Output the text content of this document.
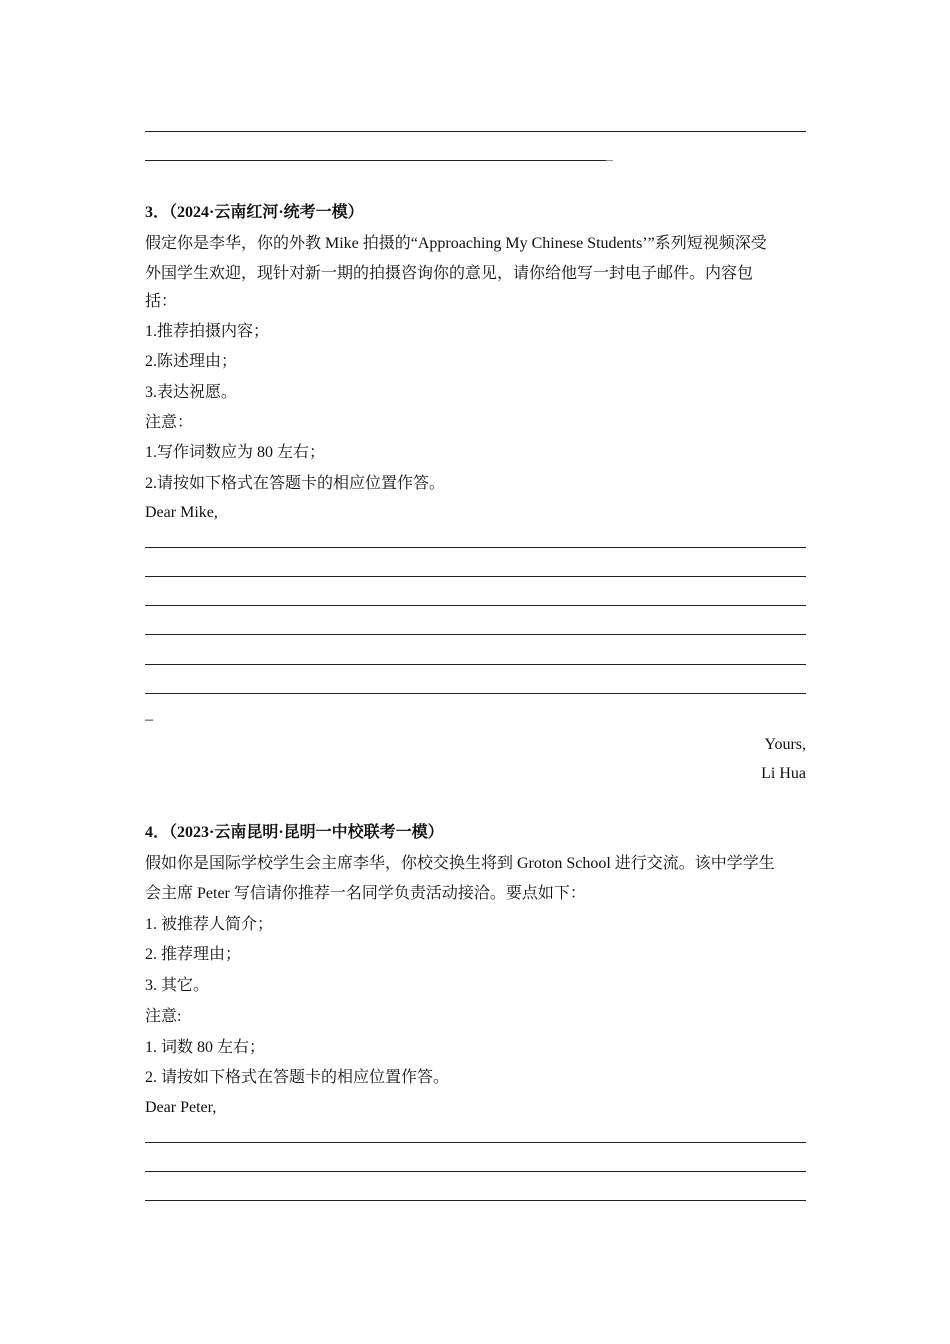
3．（2024·云南红河·统考一模）
假定你是李华，你的外教 Mike 拍摄的“Approaching My Chinese Students’”系列短视频深受
外国学生欢迎，现针对新一期的拍摄咨询你的意见，请你给他写一封电子邮件。内容包
括：
1.推荐拍摄内容；
2.陈述理由；
3.表达祝愿。
注意：
1.写作词数应为 80 左右；
2.请按如下格式在答题卡的相应位置作答。
Dear Mike,
–
Yours,
Li Hua
4．（2023·云南昆明·昆明一中校联考一模）
假如你是国际学校学生会主席李华，你校交换生将到 Groton School 进行交流。该中学学生
会主席 Peter 写信请你推荐一名同学负责活动接洽。要点如下：
1. 被推荐人简介；
2. 推荐理由；
3. 其它。
注意:
1. 词数 80 左右；
2. 请按如下格式在答题卡的相应位置作答。
Dear Peter,
–
